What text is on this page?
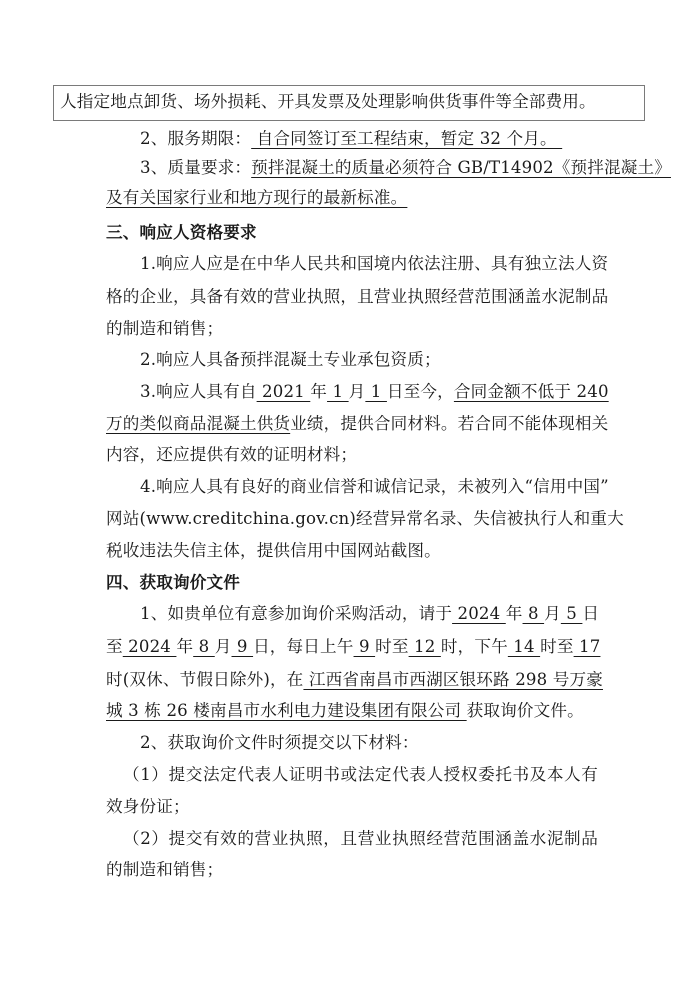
人指定地点卸货、场外损耗、开具发票及处理影响供货事件等全部费用。
2、服务期限： 自合同签订至工程结束，暂定 32 个月。
3、质量要求：预拌混凝土的质量必须符合 GB/T14902《预拌混凝土》
及有关国家行业和地方现行的最新标准。
三、响应人资格要求
1.响应人应是在中华人民共和国境内依法注册、具有独立法人资
格的企业，具备有效的营业执照，且营业执照经营范围涵盖水泥制品
的制造和销售；
2.响应人具备预拌混凝土专业承包资质；
3.响应人具有自 2021 年 1 月 1 日至今，合同金额不低于 240
万的类似商品混凝土供货业绩，提供合同材料。若合同不能体现相关
内容，还应提供有效的证明材料；
4.响应人具有良好的商业信誉和诚信记录，未被列入“信用中国”
网站(www.creditchina.gov.cn)经营异常名录、失信被执行人和重大
税收违法失信主体，提供信用中国网站截图。
四、获取询价文件
1、如贵单位有意参加询价采购活动，请于 2024 年 8 月 5 日
至 2024 年 8 月 9 日，每日上午 9 时至 12 时，下午 14 时至 17
时(双休、节假日除外)，在 江西省南昌市西湖区银环路 298 号万豪
城 3 栋 26 楼南昌市水利电力建设集团有限公司 获取询价文件。
2、获取询价文件时须提交以下材料：
（1）提交法定代表人证明书或法定代表人授权委托书及本人有
效身份证；
（2）提交有效的营业执照，且营业执照经营范围涵盖水泥制品
的制造和销售；
